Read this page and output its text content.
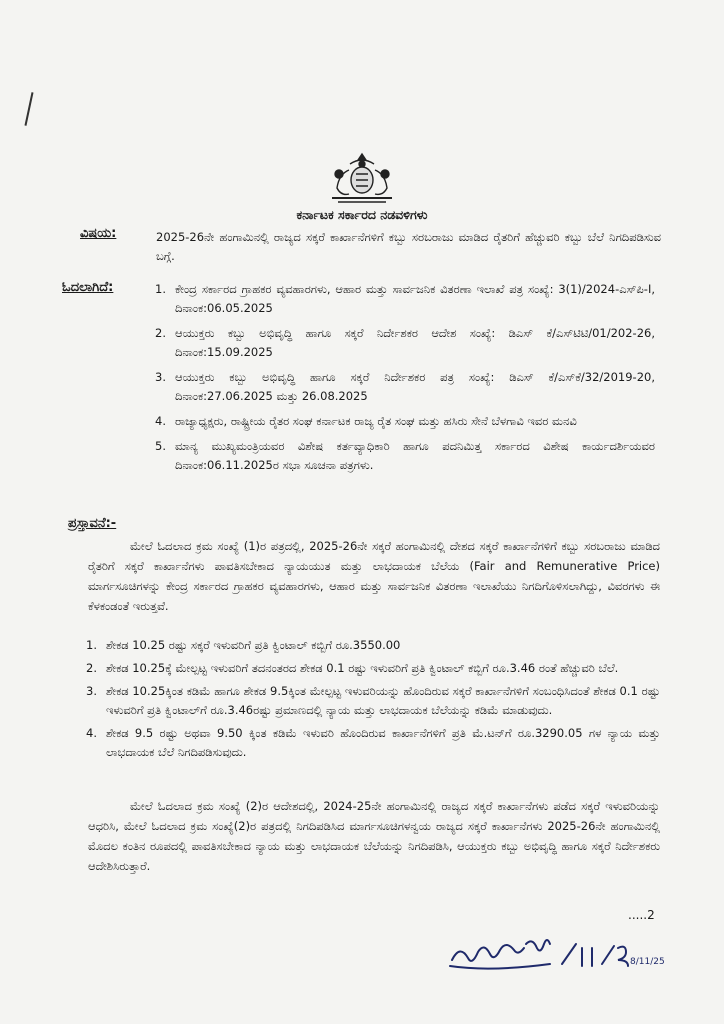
ಕರ್ನಾಟಕ ಸರ್ಕಾರದ ನಡವಳಿಗಳು
ವಿಷಯ:	2025-26ನೇ ಹಂಗಾಮಿನಲ್ಲಿ ರಾಜ್ಯದ ಸಕ್ಕರೆ ಕಾರ್ಖಾನೆಗಳಿಗೆ ಕಬ್ಬು ಸರಬರಾಜು ಮಾಡಿದ ರೈತರಿಗೆ ಹೆಚ್ಚುವರಿ ಕಬ್ಬು ಬೆಲೆ ನಿಗದಿಪಡಿಸುವ ಬಗ್ಗೆ.
ಓದಲಾಗಿದೆ:	1. ಕೇಂದ್ರ ಸರ್ಕಾರದ ಗ್ರಾಹಕರ ವ್ಯವಹಾರಗಳು, ಆಹಾರ ಮತ್ತು ಸಾರ್ವಜನಿಕ ವಿತರಣಾ ಇಲಾಖೆ ಪತ್ರ ಸಂಖ್ಯೆ: 3(1)/2024-ಎಸ್‌ಪಿ-I, ದಿನಾಂಕ:06.05.2025
2. ಆಯುಕ್ತರು ಕಬ್ಬು ಅಭಿವೃದ್ಧಿ ಹಾಗೂ ಸಕ್ಕರೆ ನಿರ್ದೇಶಕರ ಆದೇಶ ಸಂಖ್ಯೆ: ಡಿಎಸ್ ಕೆ/ಎಸ್‌ಟಿಟಿ/01/202-26, ದಿನಾಂಕ:15.09.2025
3. ಆಯುಕ್ತರು ಕಬ್ಬು ಅಭಿವೃದ್ಧಿ ಹಾಗೂ ಸಕ್ಕರೆ ನಿರ್ದೇಶಕರ ಪತ್ರ ಸಂಖ್ಯೆ: ಡಿಎಸ್ ಕೆ/ಎಸ್‌ಕೆ/32/2019-20, ದಿನಾಂಕ:27.06.2025 ಮತ್ತು 26.08.2025
4. ರಾಜ್ಯಾಧ್ಯಕ್ಷರು, ರಾಷ್ಟ್ರೀಯ ರೈತರ ಸಂಘ ಕರ್ನಾಟಕ ರಾಜ್ಯ ರೈತ ಸಂಘ ಮತ್ತು ಹಸಿರು ಸೇನೆ ಬೆಳಗಾವಿ ಇವರ ಮನವಿ
5. ಮಾನ್ಯ ಮುಖ್ಯಮಂತ್ರಿಯವರ ವಿಶೇಷ ಕರ್ತವ್ಯಾಧಿಕಾರಿ ಹಾಗೂ ಪದನಿಮಿತ್ತ ಸರ್ಕಾರದ ವಿಶೇಷ ಕಾರ್ಯದರ್ಶಿಯವರ ದಿನಾಂಕ:06.11.2025ರ ಸಭಾ ಸೂಚನಾ ಪತ್ರಗಳು.
ಪ್ರಸ್ತಾವನೆ:-
ಮೇಲೆ ಓದಲಾದ ಕ್ರಮ ಸಂಖ್ಯೆ (1)ರ ಪತ್ರದಲ್ಲಿ, 2025-26ನೇ ಸಕ್ಕರೆ ಹಂಗಾಮಿನಲ್ಲಿ ದೇಶದ ಸಕ್ಕರೆ ಕಾರ್ಖಾನೆಗಳಿಗೆ ಕಬ್ಬು ಸರಬರಾಜು ಮಾಡಿದ ರೈತರಿಗೆ ಸಕ್ಕರೆ ಕಾರ್ಖಾನೆಗಳು ಪಾವತಿಸಬೇಕಾದ ನ್ಯಾಯಯುತ ಮತ್ತು ಲಾಭದಾಯಕ ಬೆಲೆಯ (Fair and Remunerative Price) ಮಾರ್ಗಸೂಚಿಗಳನ್ನು ಕೇಂದ್ರ ಸರ್ಕಾರದ ಗ್ರಾಹಕರ ವ್ಯವಹಾರಗಳು, ಆಹಾರ ಮತ್ತು ಸಾರ್ವಜನಿಕ ವಿತರಣಾ ಇಲಾಖೆಯು ನಿಗದಿಗೊಳಿಸಲಾಗಿದ್ದು, ವಿವರಗಳು ಈ ಕೆಳಕಂಡಂತೆ ಇರುತ್ತವೆ.
1. ಶೇಕಡ 10.25 ರಷ್ಟು ಸಕ್ಕರೆ ಇಳುವರಿಗೆ ಪ್ರತಿ ಕ್ವಿಂಟಾಲ್ ಕಬ್ಬಿಗೆ ರೂ.3550.00
2. ಶೇಕಡ 10.25ಕ್ಕೆ ಮೇಲ್ಪಟ್ಟ ಇಳುವರಿಗೆ ತದನಂತರದ ಶೇಕಡ 0.1 ರಷ್ಟು ಇಳುವರಿಗೆ ಪ್ರತಿ ಕ್ವಿಂಟಾಲ್ ಕಬ್ಬಿಗೆ ರೂ.3.46 ರಂತೆ ಹೆಚ್ಚುವರಿ ಬೆಲೆ.
3. ಶೇಕಡ 10.25ಕ್ಕಿಂತ ಕಡಿಮೆ ಹಾಗೂ ಶೇಕಡ 9.5ಕ್ಕಿಂತ ಮೇಲ್ಪಟ್ಟ ಇಳುವರಿಯನ್ನು ಹೊಂದಿರುವ ಸಕ್ಕರೆ ಕಾರ್ಖಾನೆಗಳಿಗೆ ಸಂಬಂಧಿಸಿದಂತೆ ಶೇಕಡ 0.1 ರಷ್ಟು ಇಳುವರಿಗೆ ಪ್ರತಿ ಕ್ವಿಂಟಾಲ್‌ಗೆ ರೂ.3.46ರಷ್ಟು ಪ್ರಮಾಣದಲ್ಲಿ ನ್ಯಾಯ ಮತ್ತು ಲಾಭದಾಯಕ ಬೆಲೆಯನ್ನು ಕಡಿಮೆ ಮಾಡುವುದು.
4. ಶೇಕಡ 9.5 ರಷ್ಟು ಅಥವಾ 9.50 ಕ್ಕಿಂತ ಕಡಿಮೆ ಇಳುವರಿ ಹೊಂದಿರುವ ಕಾರ್ಖಾನೆಗಳಿಗೆ ಪ್ರತಿ ಮೆ.ಟನ್‌ಗೆ ರೂ.3290.05 ಗಳ ನ್ಯಾಯ ಮತ್ತು ಲಾಭದಾಯಕ ಬೆಲೆ ನಿಗದಿಪಡಿಸುವುದು.
ಮೇಲೆ ಓದಲಾದ ಕ್ರಮ ಸಂಖ್ಯೆ (2)ರ ಆದೇಶದಲ್ಲಿ, 2024-25ನೇ ಹಂಗಾಮಿನಲ್ಲಿ ರಾಜ್ಯದ ಸಕ್ಕರೆ ಕಾರ್ಖಾನೆಗಳು ಪಡೆದ ಸಕ್ಕರೆ ಇಳುವರಿಯನ್ನು ಆಧರಿಸಿ, ಮೇಲೆ ಓದಲಾದ ಕ್ರಮ ಸಂಖ್ಯೆ(2)ರ ಪತ್ರದಲ್ಲಿ ನಿಗದಿಪಡಿಸಿದ ಮಾರ್ಗಸೂಚಿಗಳನ್ವಯ ರಾಜ್ಯದ ಸಕ್ಕರೆ ಕಾರ್ಖಾನೆಗಳು 2025-26ನೇ ಹಂಗಾಮಿನಲ್ಲಿ ಮೊದಲ ಕಂತಿನ ರೂಪದಲ್ಲಿ ಪಾವತಿಸಬೇಕಾದ ನ್ಯಾಯ ಮತ್ತು ಲಾಭದಾಯಕ ಬೆಲೆಯನ್ನು ನಿಗದಿಪಡಿಸಿ, ಆಯುಕ್ತರು ಕಬ್ಬು ಅಭಿವೃದ್ಧಿ ಹಾಗೂ ಸಕ್ಕರೆ ನಿರ್ದೇಶಕರು ಆದೇಶಿಸಿರುತ್ತಾರೆ.
.....2
8/11/25
